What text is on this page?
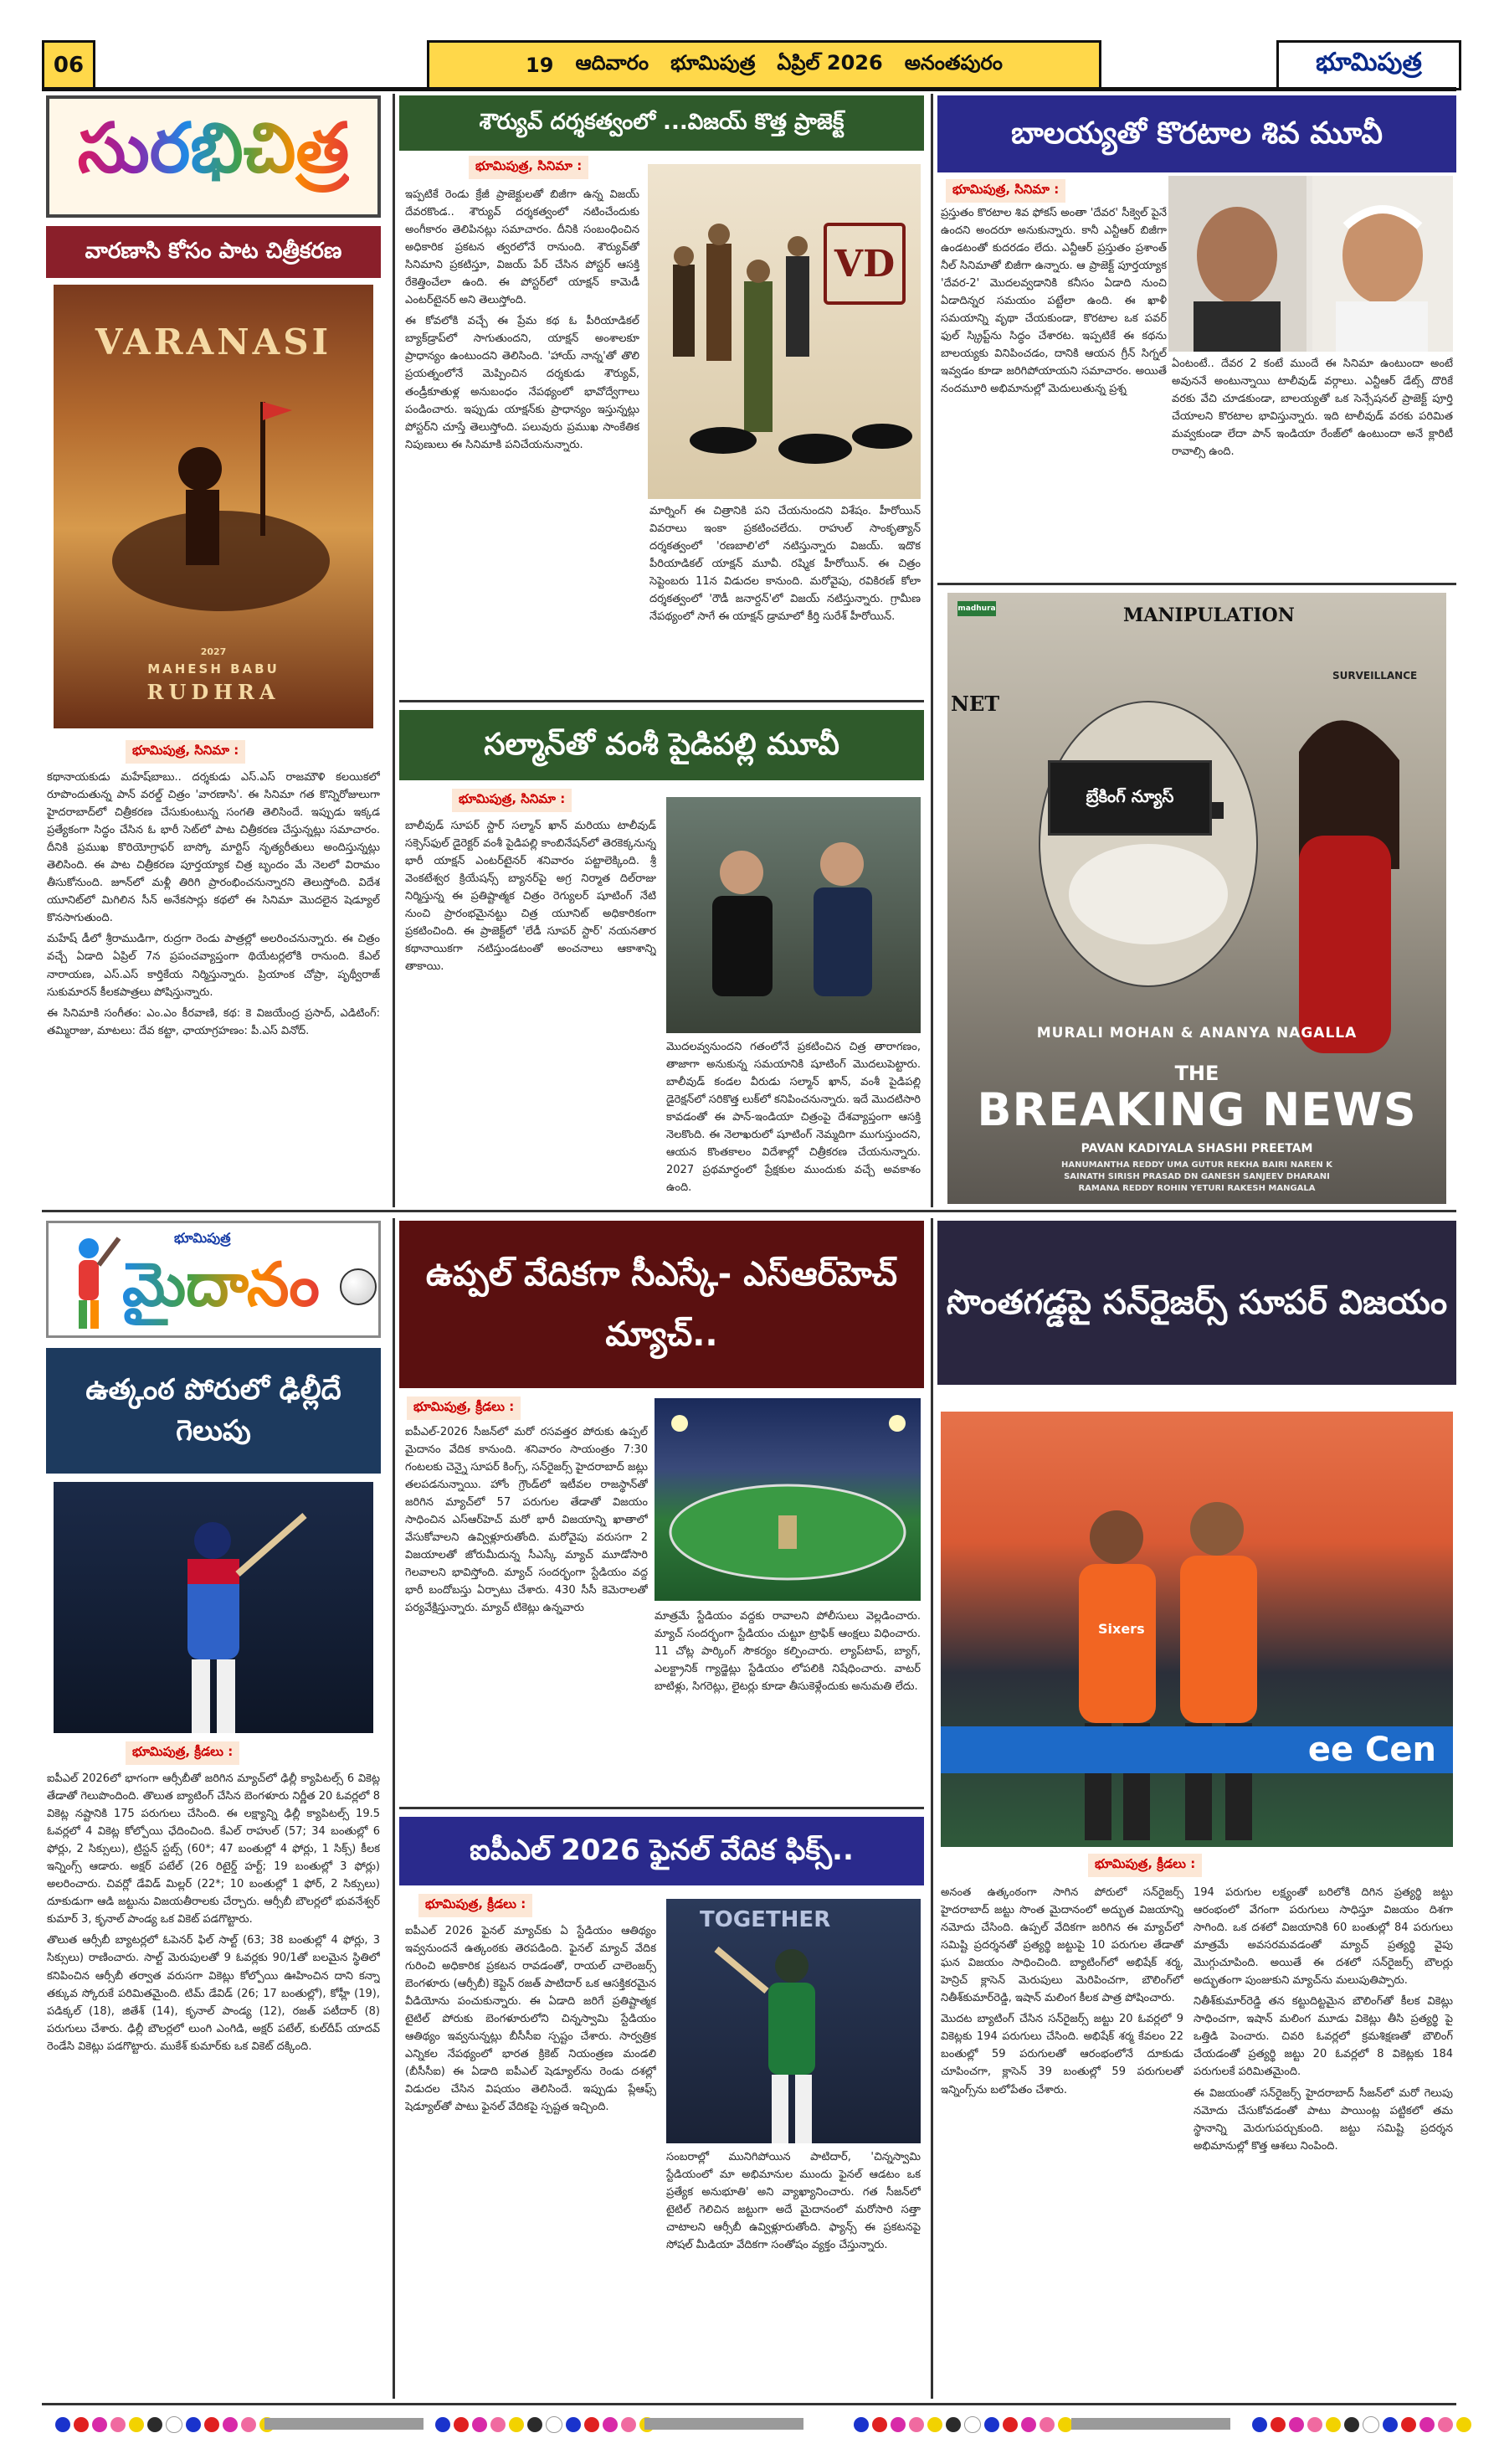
06	19 ఆదివారం భూమిపుత్ర ఏప్రిల్ 2026 అనంతపురం	భూమిపుత్ర
సురభిచిత్ర
వారణాసి కోసం పాట చిత్రీకరణ
VARANASI
MAHESH BABU
RUDHRA
2027
భూమిపుత్ర, సినిమా :

కథానాయకుడు మహేష్‌బాబు.. దర్శకుడు ఎస్.ఎస్ రాజమౌళి కలయికలో రూపొందుతున్న పాన్ వరల్డ్ చిత్రం 'వారణాసి'. ఈ సినిమా గత కొన్నిరోజులుగా హైదరాబాద్‌లో చిత్రీకరణ చేసుకుంటున్న సంగతి తెలిసిందే. ఇప్పుడు ఇక్కడ ప్రత్యేకంగా సిద్ధం చేసిన ఓ భారీ సెట్‌లో పాట చిత్రీకరణ చేస్తున్నట్లు సమాచారం. దీనికి ప్రముఖ కొరియోగ్రాఫర్ బాస్కో మార్టిస్ నృత్యరీతులు అందిస్తున్నట్లు తెలిసింది. ఈ పాట చిత్రీకరణ పూర్తయ్యాక చిత్ర బృందం మే నెలలో విరామం తీసుకోనుంది. జూన్‌లో మళ్లీ తిరిగి ప్రారంభించనున్నారని తెలుస్తోంది. విదేశ యూనిట్‌లో మిగిలిన సీన్ అనేకసార్లు కథలో ఈ సినిమా మొదలైన షెడ్యూల్ కొనసాగుతుంది.

మహేష్ డీలో శ్రీరాముడిగా, రుద్రగా రెండు పాత్రల్లో అలరించనున్నారు. ఈ చిత్రం వచ్చే ఏడాది ఏప్రిల్ 7న ప్రపంచవ్యాప్తంగా థియేటర్లలోకి రానుంది. కేఎల్ నారాయణ, ఎస్.ఎస్ కార్తికేయ నిర్మిస్తున్నారు. ప్రియాంక చోప్రా, పృథ్వీరాజ్ సుకుమారన్ కీలకపాత్రలు పోషిస్తున్నారు.

ఈ సినిమాకి సంగీతం: ఎం.ఎం కీరవాణి, కథ: కె విజయేంద్ర ప్రసాద్, ఎడిటింగ్: తమ్మిరాజు, మాటలు: దేవ కట్టా, ఛాయాగ్రహణం: పీ.ఎస్ వినోద్.

శౌర్యువ్ దర్శకత్వంలో ...విజయ్ కొత్త ప్రాజెక్ట్
భూమిపుత్ర, సినిమా :

ఇప్పటికే రెండు క్రేజీ ప్రాజెక్టులతో బిజీగా ఉన్న విజయ్ దేవరకొండ.. శౌర్యువ్ దర్శకత్వంలో నటించేందుకు అంగీకారం తెలిపినట్లు సమాచారం. దీనికి సంబంధించిన అధికారిక ప్రకటన త్వరలోనే రానుంది. శౌర్యువ్‌తో సినిమాని ప్రకటిస్తూ, విజయ్ పేర్ చేసిన పోస్టర్ ఆసక్తి రేకెత్తించేలా ఉంది. ఈ పోస్టర్‌లో యాక్షన్ కామెడీ ఎంటర్‌టైనర్ అని తెలుస్తోంది.

ఈ కోవలోకి వచ్చే ఈ ప్రేమ కథ ఓ పీరియాడికల్ బ్యాక్‌డ్రాప్‌లో సాగుతుందని, యాక్షన్ అంశాలకూ ప్రాధాన్యం ఉంటుందని తెలిసింది. 'హాయ్ నాన్న'తో తొలి ప్రయత్నంలోనే మెప్పించిన దర్శకుడు శౌర్యువ్, తండ్రీకూతుళ్ల అనుబంధం నేపథ్యంలో భావోద్వేగాలు పండించారు. ఇప్పుడు యాక్షన్‌కు ప్రాధాన్యం ఇస్తున్నట్లు పోస్టర్‌ని చూస్తే తెలుస్తోంది. పలువురు ప్రముఖ సాంకేతిక నిపుణులు ఈ సినిమాకి పనిచేయనున్నారు.

VD

మార్నింగ్ ఈ చిత్రానికి పని చేయనుందని విశేషం. హీరోయిన్ వివరాలు ఇంకా ప్రకటించలేదు. రాహుల్ సాంకృత్యాన్ దర్శకత్వంలో 'రణబాలి'లో నటిస్తున్నారు విజయ్. ఇదొక పీరియాడికల్ యాక్షన్ మూవీ. రష్మిక హీరోయిన్. ఈ చిత్రం సెప్టెంబరు 11న విడుదల కానుంది. మరోవైపు, రవికిరణ్ కోలా దర్శకత్వంలో 'రౌడీ జనార్దన్'లో విజయ్ నటిస్తున్నారు. గ్రామీణ నేపథ్యంలో సాగే ఈ యాక్షన్ డ్రామాలో కీర్తి సురేశ్ హీరోయిన్.

సల్మాన్‌తో వంశీ పైడిపల్లి మూవీ
భూమిపుత్ర, సినిమా :

బాలీవుడ్ సూపర్ స్టార్ సల్మాన్ ఖాన్ మరియు టాలీవుడ్ సక్సెస్‌ఫుల్ డైరెక్టర్ వంశీ పైడిపల్లి కాంబినేషన్‌లో తెరకెక్కనున్న భారీ యాక్షన్ ఎంటర్‌టైనర్ శనివారం పట్టాలెక్కింది. శ్రీ వెంకటేశ్వర క్రియేషన్స్ బ్యానర్‌పై అగ్ర నిర్మాత దిల్‌రాజు నిర్మిస్తున్న ఈ ప్రతిష్టాత్మక చిత్రం రెగ్యులర్ షూటింగ్ నేటి నుంచి ప్రారంభమైనట్టు చిత్ర యూనిట్ అధికారికంగా ప్రకటించింది. ఈ ప్రాజెక్ట్‌లో 'లేడీ సూపర్ స్టార్' నయనతార కథానాయికగా నటిస్తుండటంతో అంచనాలు ఆకాశాన్ని తాకాయి.

మొదలవ్వనుందని గతంలోనే ప్రకటించిన చిత్ర తారాగణం, తాజాగా అనుకున్న సమయానికి షూటింగ్ మొదలుపెట్టారు. బాలీవుడ్ కండల వీరుడు సల్మాన్ ఖాన్, వంశీ పైడిపల్లి డైరెక్షన్‌లో సరికొత్త లుక్‌లో కనిపించనున్నారు. ఇదే మొదటిసారి కావడంతో ఈ పాన్-ఇండియా చిత్రంపై దేశవ్యాప్తంగా ఆసక్తి నెలకొంది. ఈ నెలాఖరులో షూటింగ్ నెమ్మదిగా ముగుస్తుందని, ఆయన కొంతకాలం విదేశాల్లో చిత్రీకరణ చేయనున్నారు. 2027 ప్రథమార్ధంలో ప్రేక్షకుల ముందుకు వచ్చే అవకాశం ఉంది.

బాలయ్యతో కొరటాల శివ మూవీ
భూమిపుత్ర, సినిమా :

ప్రస్తుతం కొరటాల శివ ఫోకస్ అంతా 'దేవర' సీక్వెల్ పైనే ఉందని అందరూ అనుకున్నారు. కానీ ఎన్టీఆర్ బిజీగా ఉండటంతో కుదరడం లేదు. ఎన్టీఆర్ ప్రస్తుతం ప్రశాంత్ నీల్ సినిమాతో బిజీగా ఉన్నారు. ఆ ప్రాజెక్ట్ పూర్తయ్యాక 'దేవర-2' మొదలవ్వడానికి కనీసం ఏడాది నుంచి ఏడాదిన్నర సమయం పట్టేలా ఉంది. ఈ ఖాళీ సమయాన్ని వృథా చేయకుండా, కొరటాల ఒక పవర్ ఫుల్ స్క్రిప్ట్‌ను సిద్ధం చేశారట. ఇప్పటికే ఈ కథను బాలయ్యకు వినిపించడం, దానికి ఆయన గ్రీన్ సిగ్నల్ ఇవ్వడం కూడా జరిగిపోయాయని సమాచారం. అయితే నందమూరి అభిమానుల్లో మెదులుతున్న ప్రశ్న

ఏంటంటే.. దేవర 2 కంటే ముందే ఈ సినిమా ఉంటుందా అంటే అవుననే అంటున్నాయి టాలీవుడ్ వర్గాలు. ఎన్టీఆర్ డేట్స్ దొరికే వరకు వేచి చూడకుండా, బాలయ్యతో ఒక సెన్సేషనల్ ప్రాజెక్ట్ పూర్తి చేయాలని కొరటాల భావిస్తున్నారు. ఇది టాలీవుడ్ వరకు పరిమిత మవ్వకుండా లేదా పాన్ ఇండియా రేంజ్‌లో ఉంటుందా అనే క్లారిటీ రావాల్సి ఉంది.

madhura	MANIPULATION
SURVEILLANCE
NET
బ్రేకింగ్ న్యూస్
MURALI MOHAN & ANANYA NAGALLA
THE
BREAKING NEWS
PAVAN KADIYALA SHASHI PREETAM
HANUMANTHA REDDY UMA GUTUR REKHA BAIRI NAREN K
SAINATH SIRISH PRASAD DN GANESH SANJEEV DHARANI
RAMANA REDDY ROHIN YETURI RAKESH MANGALA
భూమిపుత్ర
మైదానం
ఉత్కంఠ పోరులో ఢిల్లీదే గెలుపు
భూమిపుత్ర, క్రీడలు :

ఐపీఎల్ 2026లో భాగంగా ఆర్సీబీతో జరిగిన మ్యాచ్‌లో ఢిల్లీ క్యాపిటల్స్ 6 వికెట్ల తేడాతో గెలుపొందింది. తొలుత బ్యాటింగ్ చేసిన బెంగళూరు నిర్ణీత 20 ఓవర్లలో 8 వికెట్ల నష్టానికి 175 పరుగులు చేసింది. ఈ లక్ష్యాన్ని ఢిల్లీ క్యాపిటల్స్ 19.5 ఓవర్లలో 4 వికెట్ల కోల్పోయి ఛేదించింది. కేఎల్ రాహుల్ (57; 34 బంతుల్లో 6 ఫోర్లు, 2 సిక్సులు), ట్రిస్టన్ స్టబ్స్ (60*; 47 బంతుల్లో 4 ఫోర్లు, 1 సిక్స్) కీలక ఇన్నింగ్స్ ఆడారు. అక్షర్ పటేల్ (26 రిటైర్డ్ హర్ట్; 19 బంతుల్లో 3 ఫోర్లు) అలరించారు. చివర్లో డేవిడ్ మిల్లర్ (22*; 10 బంతుల్లో 1 ఫోర్, 2 సిక్సులు) దూకుడుగా ఆడి జట్టును విజయతీరాలకు చేర్చారు. ఆర్సీబీ బౌలర్లలో భువనేశ్వర్ కుమార్ 3, కృనాల్ పాండ్య ఒక వికెట్ పడగొట్టారు.

తొలుత ఆర్సీబీ బ్యాటర్లలో ఓపెనర్ ఫిల్ సాల్ట్ (63; 38 బంతుల్లో 4 ఫోర్లు, 3 సిక్సులు) రాణించారు. సాల్ట్ మెరుపులతో 9 ఓవర్లకు 90/1తో బలమైన స్థితిలో కనిపించిన ఆర్సీబీ తర్వాత వరుసగా వికెట్లు కోల్పోయి ఊహించిన దాని కన్నా తక్కువ స్కోరుకే పరిమితమైంది. టిమ్ డేవిడ్ (26; 17 బంతుల్లో), కోహ్లీ (19), పడిక్కల్ (18), జితేశ్ (14), కృనాల్ పాండ్య (12), రజత్ పటీదార్ (8) పరుగులు చేశారు. ఢిల్లీ బౌలర్లలో లుంగి ఎంగిడి, అక్షర్ పటేల్, కుల్‌దీప్ యాదవ్ రెండేసి వికెట్లు పడగొట్టారు. ముకేశ్ కుమార్‌కు ఒక వికెట్ దక్కింది.

ఉప్పల్ వేదికగా సీఎస్కే- ఎస్ఆర్‌హెచ్ మ్యాచ్..
భూమిపుత్ర, క్రీడలు :

ఐపీఎల్-2026 సీజన్‌లో మరో రసవత్తర పోరుకు ఉప్పల్ మైదానం వేదిక కానుంది. శనివారం సాయంత్రం 7:30 గంటలకు చెన్నై సూపర్ కింగ్స్, సన్‌రైజర్స్ హైదరాబాద్ జట్లు తలపడనున్నాయి. హోం గ్రౌండ్‌లో ఇటీవల రాజస్థాన్‌తో జరిగిన మ్యాచ్‌లో 57 పరుగుల తేడాతో విజయం సాధించిన ఎస్ఆర్‌హెచ్ మరో భారీ విజయాన్ని ఖాతాలో వేసుకోవాలని ఉవ్విళ్లూరుతోంది. మరోవైపు వరుసగా 2 విజయాలతో జోరుమీదున్న సీఎస్కే మ్యాచ్ మూడోసారి గెలవాలని భావిస్తోంది. మ్యాచ్ సందర్భంగా స్టేడియం వద్ద భారీ బందోబస్తు ఏర్పాటు చేశారు. 430 సీసీ కెమెరాలతో పర్యవేక్షిస్తున్నారు. మ్యాచ్ టికెట్లు ఉన్నవారు

మాత్రమే స్టేడియం వద్దకు రావాలని పోలీసులు వెల్లడించారు. మ్యాచ్ సందర్భంగా స్టేడియం చుట్టూ ట్రాఫిక్ ఆంక్షలు విధించారు. 11 చోట్ల పార్కింగ్ సౌకర్యం కల్పించారు. ల్యాప్‌టాప్, బ్యాగ్, ఎలక్ట్రానిక్ గ్యాడ్జెట్లు స్టేడియం లోపలికి నిషేధించారు. వాటర్ బాటిళ్లు, సిగరెట్లు, లైటర్లు కూడా తీసుకెళ్లేందుకు అనుమతి లేదు.

ఐపీఎల్ 2026 ఫైనల్ వేదిక ఫిక్స్..
భూమిపుత్ర, క్రీడలు :

ఐపీఎల్ 2026 ఫైనల్ మ్యాచ్‌కు ఏ స్టేడియం ఆతిథ్యం ఇవ్వనుందనే ఉత్కంఠకు తెరపడింది. ఫైనల్ మ్యాచ్ వేదిక గురించి అధికారిక ప్రకటన రావడంతో, రాయల్ చాలెంజర్స్ బెంగళూరు (ఆర్సీబీ) కెప్టెన్ రజత్ పాటిదార్ ఒక ఆసక్తికరమైన వీడియోను పంచుకున్నారు. ఈ ఏడాది జరిగే ప్రతిష్టాత్మక టైటిల్ పోరుకు బెంగళూరులోని చిన్నస్వామి స్టేడియం ఆతిథ్యం ఇవ్వనున్నట్లు బీసీసీఐ స్పష్టం చేశారు. సార్వత్రిక ఎన్నికల నేపథ్యంలో భారత క్రికెట్ నియంత్రణ మండలి (బీసీసీఐ) ఈ ఏడాది ఐపీఎల్ షెడ్యూల్‌ను రెండు దశల్లో విడుదల చేసిన విషయం తెలిసిందే. ఇప్పుడు ప్లేఆఫ్స్ షెడ్యూల్‌తో పాటు ఫైనల్ వేదికపై స్పష్టత ఇచ్చింది.

TOGETHER

సంబరాల్లో మునిగిపోయిన పాటిదార్, 'చిన్నస్వామి స్టేడియంలో మా అభిమానుల ముందు ఫైనల్ ఆడటం ఒక ప్రత్యేక అనుభూతి' అని వ్యాఖ్యానించారు. గత సీజన్‌లో టైటిల్ గెలిచిన జట్టుగా అదే మైదానంలో మరోసారి సత్తా చాటాలని ఆర్సీబీ ఉవ్విళ్లూరుతోంది. ఫ్యాన్స్ ఈ ప్రకటనపై సోషల్ మీడియా వేదికగా సంతోషం వ్యక్తం చేస్తున్నారు.

సొంతగడ్డపై సన్‌రైజర్స్ సూపర్ విజయం
ee Cen
Sixers
భూమిపుత్ర, క్రీడలు :

అనంత ఉత్కంఠంగా సాగిన పోరులో సన్‌రైజర్స్ హైదరాబాద్ జట్టు సొంత మైదానంలో అద్భుత విజయాన్ని నమోదు చేసింది. ఉప్పల్ వేదికగా జరిగిన ఈ మ్యాచ్‌లో సమిష్టి ప్రదర్శనతో ప్రత్యర్థి జట్టుపై 10 పరుగుల తేడాతో ఘన విజయం సాధించింది. బ్యాటింగ్‌లో అభిషేక్ శర్మ, హెన్రిచ్ క్లాసెన్ మెరుపులు మెరిపించగా, బౌలింగ్‌లో నితీశ్‌కుమార్‌రెడ్డి, ఇషాన్ మలింగ కీలక పాత్ర పోషించారు.

మొదట బ్యాటింగ్ చేసిన సన్‌రైజర్స్ జట్టు 20 ఓవర్లలో 9 వికెట్లకు 194 పరుగులు చేసింది. అభిషేక్ శర్మ కేవలం 22 బంతుల్లో 59 పరుగులతో ఆరంభంలోనే దూకుడు చూపించగా, క్లాసెన్ 39 బంతుల్లో 59 పరుగులతో ఇన్నింగ్స్‌ను బలోపేతం చేశారు.

194 పరుగుల లక్ష్యంతో బరిలోకి దిగిన ప్రత్యర్థి జట్టు ఆరంభంలో వేగంగా పరుగులు సాధిస్తూ విజయం దిశగా సాగింది. ఒక దశలో విజయానికి 60 బంతుల్లో 84 పరుగులు మాత్రమే అవసరమవడంతో మ్యాచ్ ప్రత్యర్థి వైపు మొగ్గుచూపింది. అయితే ఈ దశలో సన్‌రైజర్స్ బౌలర్లు అద్భుతంగా పుంజుకుని మ్యాచ్‌ను మలుపుతిప్పారు.

నితీశ్‌కుమార్‌రెడ్డి తన కట్టుదిట్టమైన బౌలింగ్‌తో కీలక వికెట్లు సాధించగా, ఇషాన్ మలింగ మూడు వికెట్లు తీసి ప్రత్యర్థి పై ఒత్తిడి పెంచారు. చివరి ఓవర్లలో క్రమశిక్షణతో బౌలింగ్ చేయడంతో ప్రత్యర్థి జట్టు 20 ఓవర్లలో 8 వికెట్లకు 184 పరుగులకే పరిమితమైంది.

ఈ విజయంతో సన్‌రైజర్స్ హైదరాబాద్ సీజన్‌లో మరో గెలుపు నమోదు చేసుకోవడంతో పాటు పాయింట్ల పట్టికలో తమ స్థానాన్ని మెరుగుపర్చుకుంది. జట్టు సమిష్టి ప్రదర్శన అభిమానుల్లో కొత్త ఆశలు నింపింది.
